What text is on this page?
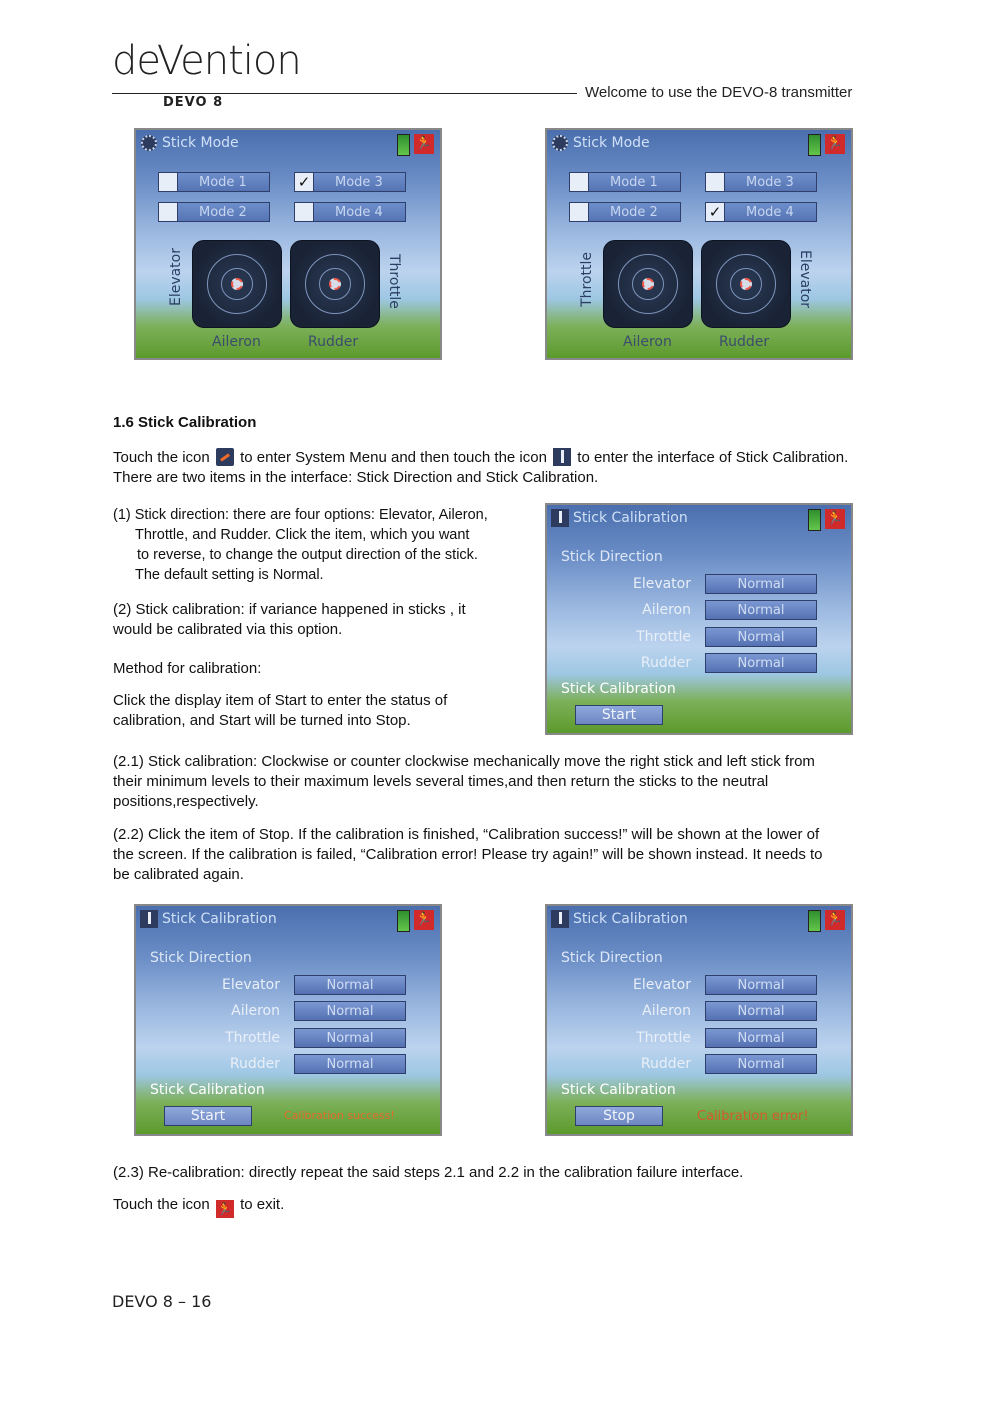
deVention
DEVO 8
Welcome to use the DEVO-8 transmitter
Stick Mode	🏃
Mode 1	✓ Mode 3
Mode 2	Mode 4
Elevator	Throttle
Aileron	Rudder
Stick Mode	🏃
Mode 1	Mode 3
Mode 2	✓ Mode 4
Throttle	Elevator
Aileron	Rudder
1.6 Stick Calibration
Touch the icon to enter System Menu and then touch the icon to enter the interface of Stick Calibration.
There are two items in the interface: Stick Direction and Stick Calibration.
(1) Stick direction: there are four options: Elevator, Aileron,
Throttle, and Rudder. Click the item, which you want
to reverse, to change the output direction of the stick.
The default setting is Normal.
(2) Stick calibration: if variance happened in sticks , it
would be calibrated via this option.
Method for calibration:
Click the display item of Start to enter the status of
calibration, and Start will be turned into Stop.
Stick Calibration	🏃
Stick Direction
Elevator	Normal
Aileron	Normal
Throttle	Normal
Rudder	Normal
Stick Calibration
Start
(2.1) Stick calibration: Clockwise or counter clockwise mechanically move the right stick and left stick from
their minimum levels to their maximum levels several times,and then return the sticks to the neutral
positions,respectively.
(2.2) Click the item of Stop. If the calibration is finished, “Calibration success!” will be shown at the lower of
the screen. If the calibration is failed, “Calibration error! Please try again!” will be shown instead. It needs to
be calibrated again.
Stick Calibration	🏃
Stick Direction
Elevator	Normal
Aileron	Normal
Throttle	Normal
Rudder	Normal
Stick Calibration
Start	Calibration success!
Stick Calibration	🏃
Stick Direction
Elevator	Normal
Aileron	Normal
Throttle	Normal
Rudder	Normal
Stick Calibration
Stop	Calibration error!
(2.3) Re-calibration: directly repeat the said steps 2.1 and 2.2 in the calibration failure interface.
Touch the icon 🏃 to exit.
DEVO 8 – 16
